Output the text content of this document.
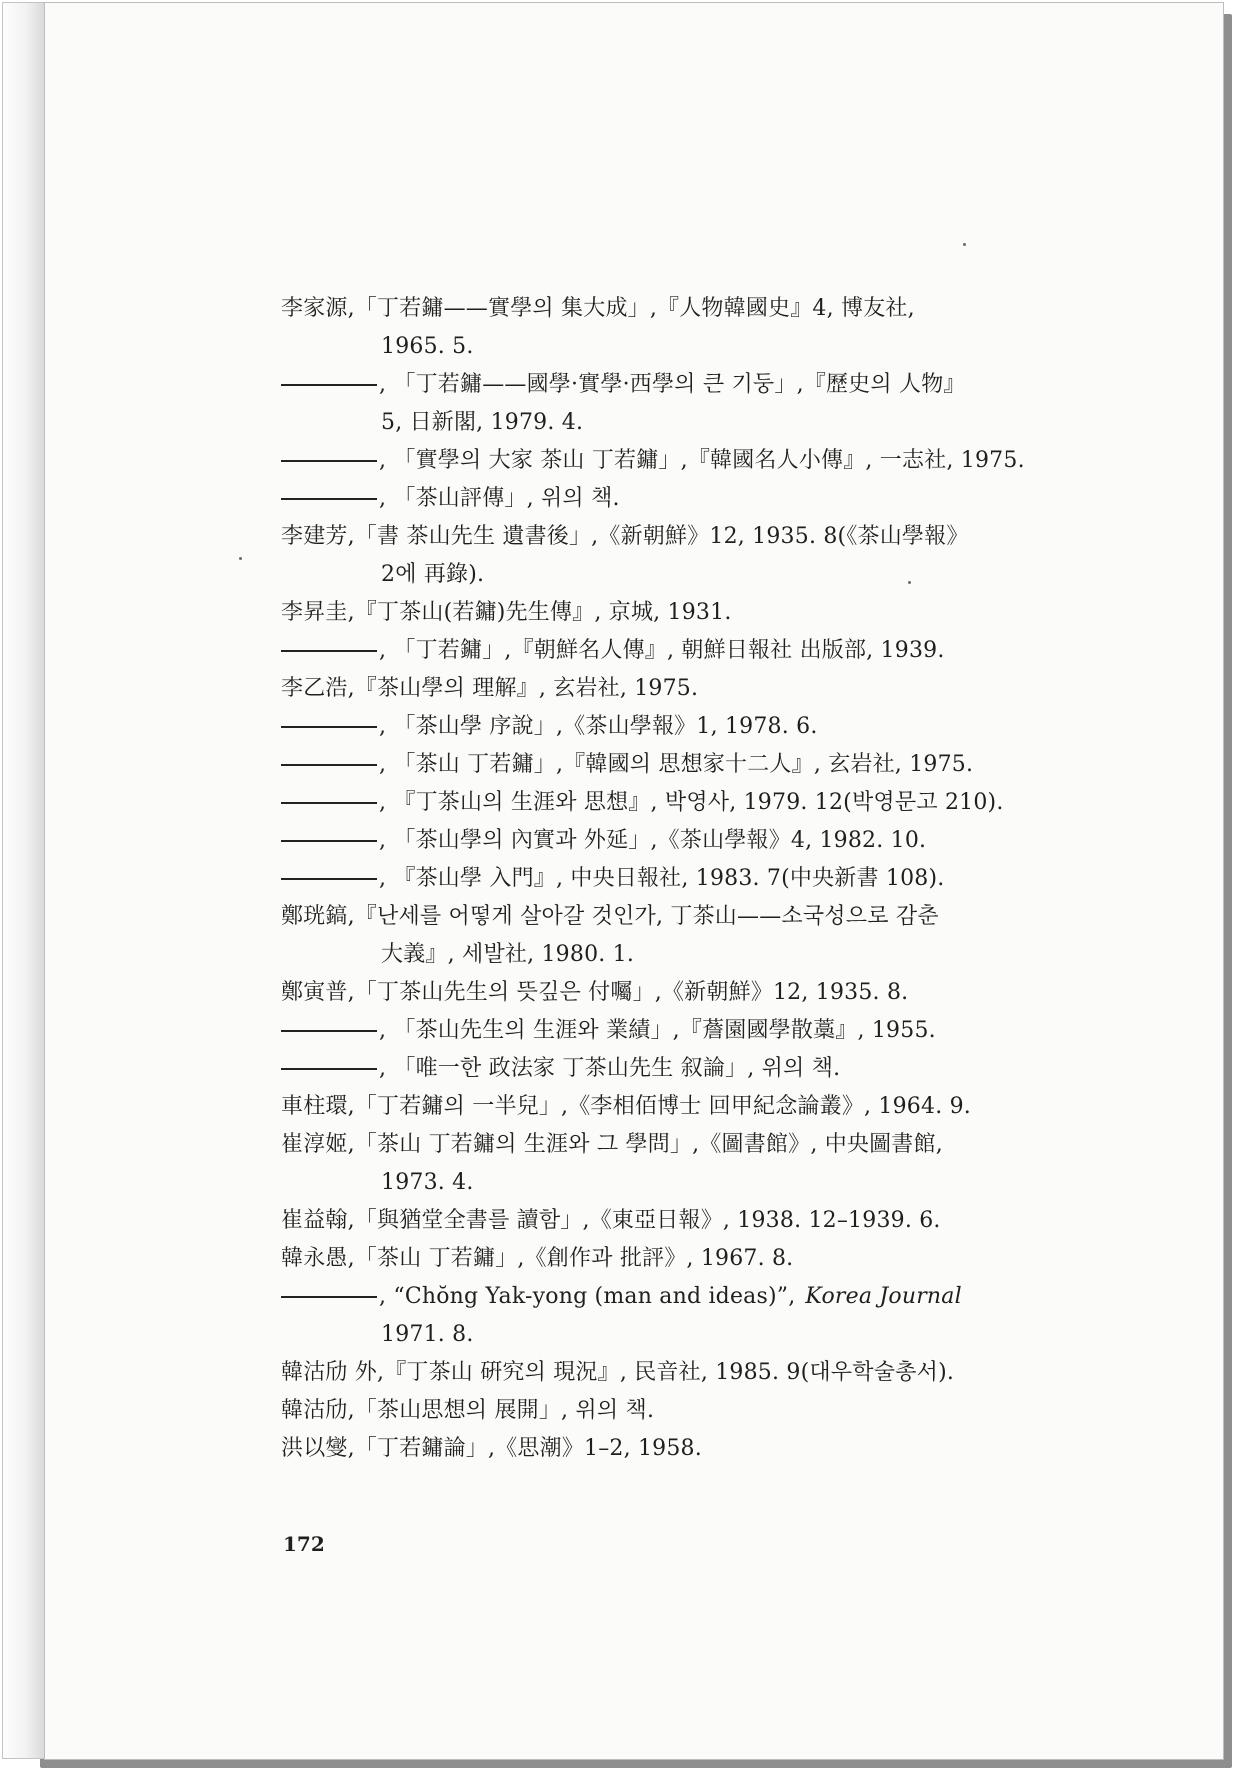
李家源,「丁若鏞——實學의 集大成」,『人物韓國史』4, 博友社,
1965. 5.
, 「丁若鏞——國學·實學·西學의 큰 기둥」,『歷史의 人物』
5, 日新閣, 1979. 4.
, 「實學의 大家 茶山 丁若鏞」,『韓國名人小傳』, 一志社, 1975.
, 「茶山評傳」, 위의 책.
李建芳,「書 茶山先生 遺書後」,《新朝鮮》12, 1935. 8(《茶山學報》
2에 再錄).
李昇圭,『丁茶山(若鏞)先生傳』, 京城, 1931.
, 「丁若鏞」,『朝鮮名人傳』, 朝鮮日報社 出版部, 1939.
李乙浩,『茶山學의 理解』, 玄岩社, 1975.
, 「茶山學 序說」,《茶山學報》1, 1978. 6.
, 「茶山 丁若鏞」,『韓國의 思想家十二人』, 玄岩社, 1975.
, 『丁茶山의 生涯와 思想』, 박영사, 1979. 12(박영문고 210).
, 「茶山學의 內實과 外延」,《茶山學報》4, 1982. 10.
, 『茶山學 入門』, 中央日報社, 1983. 7(中央新書 108).
鄭珖鎬,『난세를 어떻게 살아갈 것인가, 丁茶山——소국성으로 감춘
大義』, 세발社, 1980. 1.
鄭寅普,「丁茶山先生의 뜻깊은 付囑」,《新朝鮮》12, 1935. 8.
, 「茶山先生의 生涯와 業績」,『薝園國學散藁』, 1955.
, 「唯一한 政法家 丁茶山先生 叙論」, 위의 책.
車柱環,「丁若鏞의 一半兒」,《李相佰博士 回甲紀念論叢》, 1964. 9.
崔淳姬,「茶山 丁若鏞의 生涯와 그 學問」,《圖書館》, 中央圖書館,
1973. 4.
崔益翰,「與猶堂全書를 讀함」,《東亞日報》, 1938. 12–1939. 6.
韓永愚,「茶山 丁若鏞」,《創作과 批評》, 1967. 8.
, “Chŏng Yak-yong (man and ideas)”, Korea Journal
1971. 8.
韓沽劤 外,『丁茶山 硏究의 現況』, 民音社, 1985. 9(대우학술총서).
韓沽劤,「茶山思想의 展開」, 위의 책.
洪以燮,「丁若鏞論」,《思潮》1–2, 1958.
172
